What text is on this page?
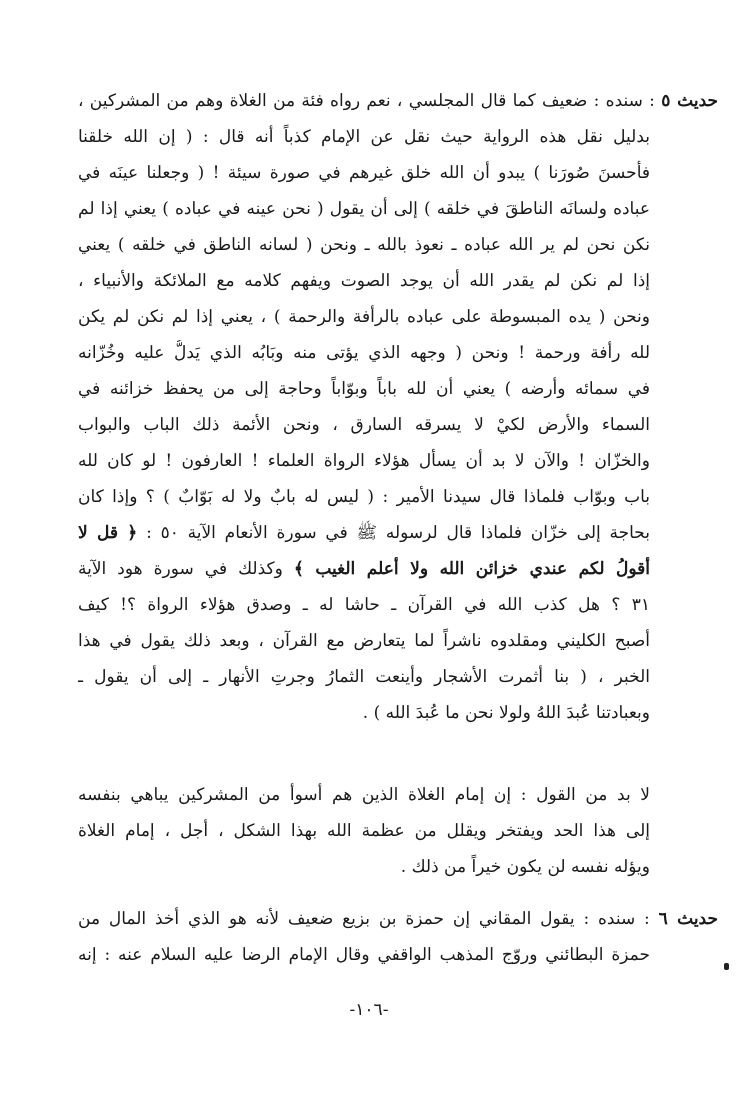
حديث ٥ : سنده : ضعيف كما قال المجلسي ، نعم رواه فئة من الغلاة وهم من المشركين ،
بدليل نقل هذه الرواية حيث نقل عن الإمام كذباً أنه قال : ( إن الله خلقنا
فأحسنَ صُورَنا ) يبدو أن الله خلق غيرهم في صورة سيئة ! ( وجعلنا عينَه في
عباده ولسانَه الناطقَ في خلقه ) إلى أن يقول ( نحن عينه في عباده ) يعني إذا لم
نكن نحن لم ير الله عباده ـ نعوذ بالله ـ ونحن ( لسانه الناطق في خلقه ) يعني
إذا لم نكن لم يقدر الله أن يوجد الصوت ويفهم كلامه مع الملائكة والأنبياء ،
ونحن ( يده المبسوطة على عباده بالرأفة والرحمة ) ، يعني إذا لم نكن لم يكن
لله رأفة ورحمة ! ونحن ( وجهه الذي يؤتى منه وبَابُه الذي يَدلُّ عليه وخُزّانه
في سمائه وأرضه ) يعني أن لله باباً وبوّاباً وحاجة إلى من يحفظ خزائنه في
السماء والأرض لكيْ لا يسرقه السارق ، ونحن الأئمة ذلك الباب والبواب
والخزّان ! والآن لا بد أن يسأل هؤلاء الرواة العلماء ! العارفون ! لو كان لله
باب وبوّاب فلماذا قال سيدنا الأمير : ( ليس له بابٌ ولا له بَوّابٌ ) ؟ وإذا كان
بحاجة إلى خزّان فلماذا قال لرسوله ﷺ في سورة الأنعام الآية ٥٠ : ﴿ قل لا
أقولُ لكم عندي خزائن الله ولا أعلم الغيب ﴾ وكذلك في سورة هود الآية
٣١ ؟ هل كذب الله في القرآن ـ حاشا له ـ وصدق هؤلاء الرواة ؟! كيف
أصبح الكليني ومقلدوه ناشراً لما يتعارض مع القرآن ، وبعد ذلك يقول في هذا
الخبر ، ( بنا أثمرت الأشجار وأينعت الثمارُ وجرتِ الأنهار ـ إلى أن يقول ـ
وبعبادتنا عُبدَ اللهُ ولولا نحن ما عُبدَ الله ) .
لا بد من القول : إن إمام الغلاة الذين هم أسوأ من المشركين يباهي بنفسه
إلى هذا الحد ويفتخر ويقلل من عظمة الله بهذا الشكل ، أجل ، إمام الغلاة
ويؤله نفسه لن يكون خيراً من ذلك .
حديث ٦ : سنده : يقول المقاني إن حمزة بن بزيع ضعيف لأنه هو الذي أخذ المال من
حمزة البطائني وروّج المذهب الواقفي وقال الإمام الرضا عليه السلام عنه : إنه
-١٠٦-
